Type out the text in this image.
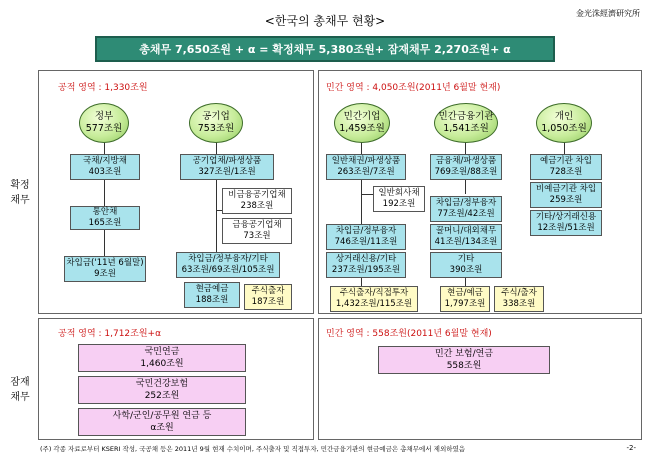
金光洙經濟研究所
<한국의 총채무 현황>
총채무 7,650조원 + α = 확정채무 5,380조원+ 잠재채무 2,270조원+ α
확정
채무
잠재
채무
공적 영역 : 1,330조원
정부
577조원
공기업
753조원
국채/지방채
403조원
통안채
165조원
차입금('11년 6월말)
9조원
공기업채/파생상품
327조원/1조원
비금융공기업채
238조원
금융공기업채
73조원
차입금/정부융자/기타
63조원/69조원/105조원
현금예금
188조원
주식출자
187조원
민간 영역 : 4,050조원(2011년 6월말 현재)
민간기업
1,459조원
민간금융기관
1,541조원
개인
1,050조원
일반채권/파생상품
263조원/7조원
일반회사채
192조원
차입금/정부융자
746조원/11조원
상거래신용/기타
237조원/195조원
주식출자/직접투자
1,432조원/115조원
금융채/파생상품
769조원/88조원
차입금/정부융자
77조원/42조원
꿀머니/대외채무
41조원/134조원
기타
390조원
현금/예금
1,797조원
주식/출자
338조원
예금기관 차입
728조원
비예금기관 차입
259조원
기타/상거래신용
12조원/51조원
공적 영역 : 1,712조원+α
국민연금
1,460조원
국민건강보험
252조원
사학/군인/공무원 연금 등
α조원
민간 영역 : 558조원(2011년 6월말 현재)
민간 보험/연금
558조원
(주) 각종 자료로부터 KSERI 작성, 국공채 등은 2011년 9월 현재 수치이며, 주식출자 및 직접투자, 민간금융기관의 현금예금은 총채무에서 제외하였음	-2-
